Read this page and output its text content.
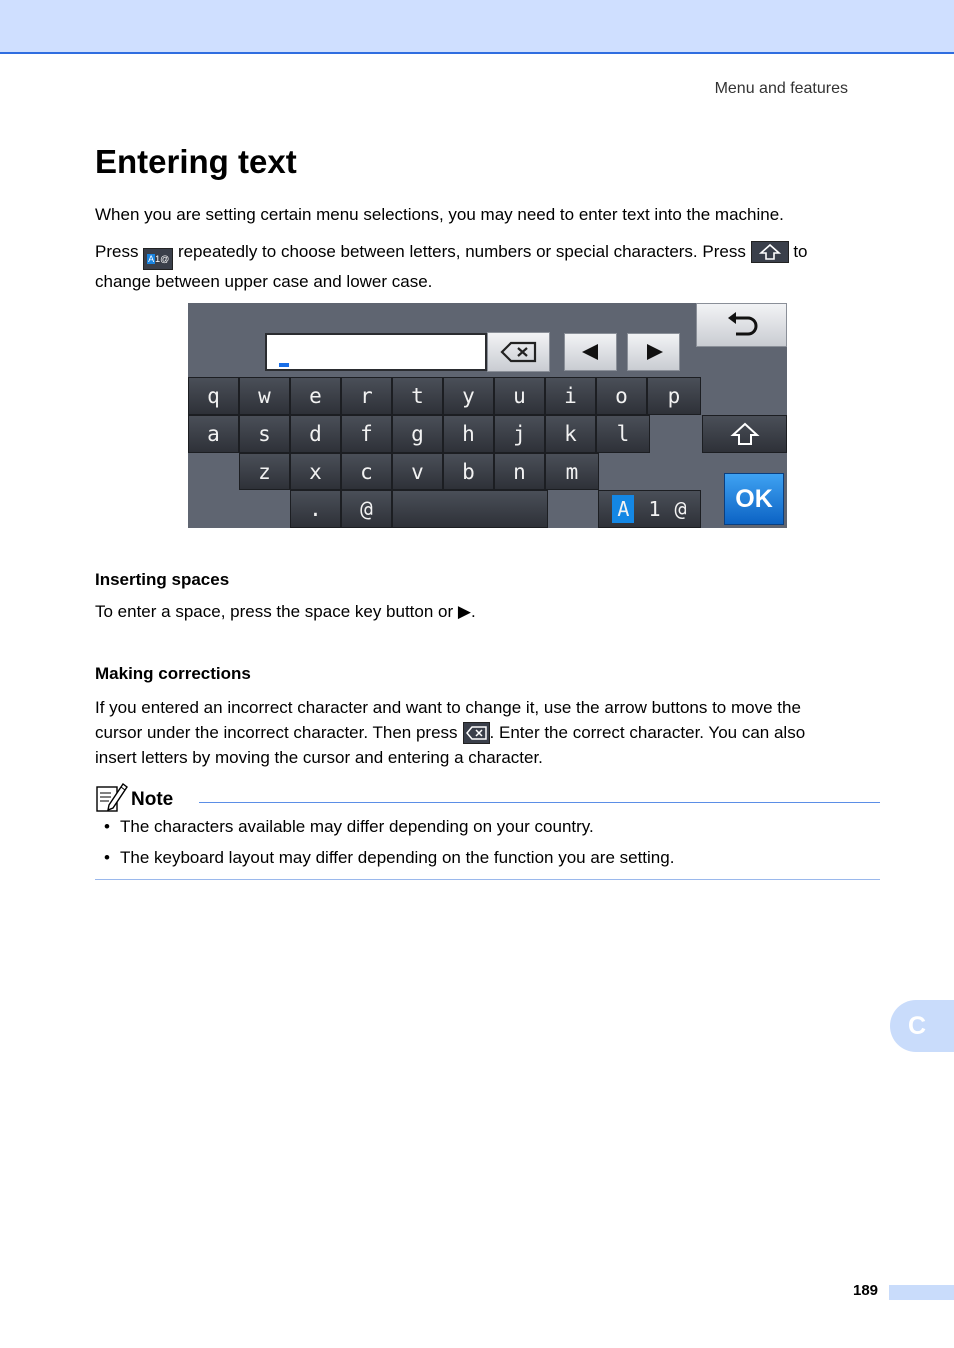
Menu and features
Entering text

When you are setting certain menu selections, you may need to enter text into the machine.

Press A1@ repeatedly to choose between letters, numbers or special characters. Press	to
change between upper case and lower case.
q	w	e	r	t	y	u	i	o	p
a	s	d	f	g	h	j	k	l
z	x	c	v	b	n	m
.	@	A 1 @	OK
Inserting spaces

To enter a space, press the space key button or ▶.

Making corrections
If you entered an incorrect character and want to change it, use the arrow buttons to move the
cursor under the incorrect character. Then press . Enter the correct character. You can also
insert letters by moving the cursor and entering a character.
Note
• The characters available may differ depending on your country.
• The keyboard layout may differ depending on the function you are setting.
C
189
